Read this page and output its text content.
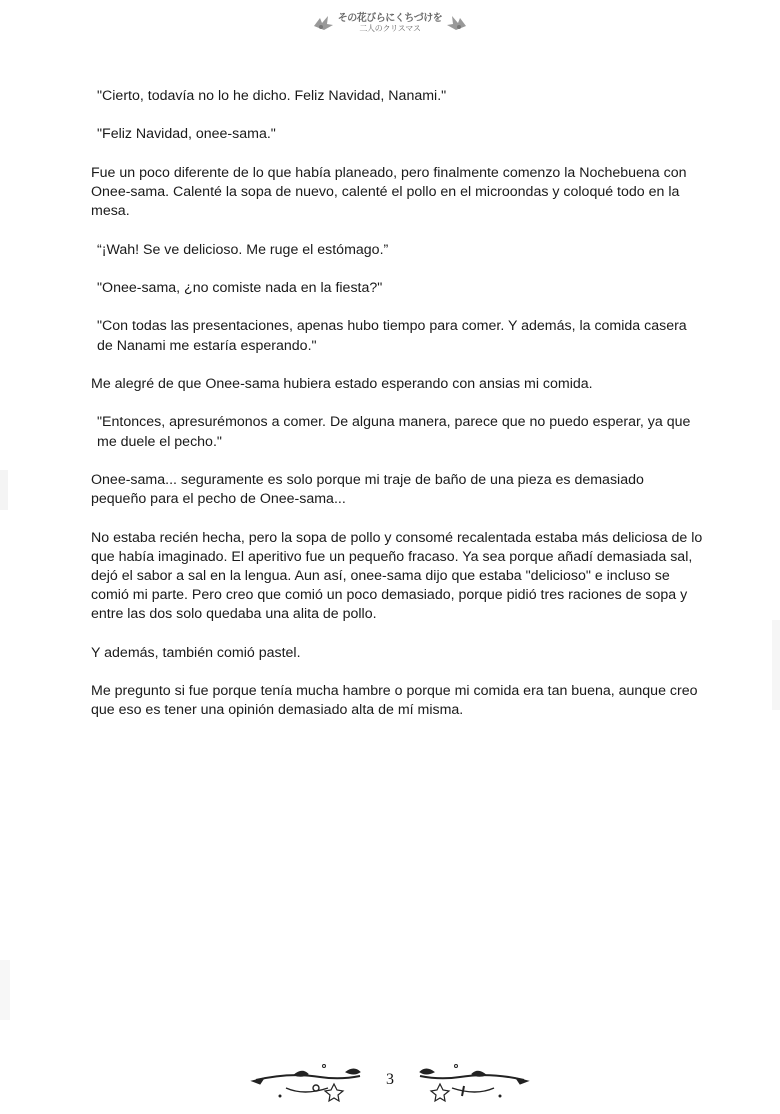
その花びらにくちづけを
二人のクリスマス

"Cierto, todavía no lo he dicho. Feliz Navidad, Nanami."

"Feliz Navidad, onee-sama."

Fue un poco diferente de lo que había planeado, pero finalmente comenzo la Nochebuena con Onee-sama. Calenté la sopa de nuevo, calenté el pollo en el microondas y coloqué todo en la mesa.

“¡Wah! Se ve delicioso. Me ruge el estómago.”

"Onee-sama, ¿no comiste nada en la fiesta?"

"Con todas las presentaciones, apenas hubo tiempo para comer. Y además, la comida casera de Nanami me estaría esperando."

Me alegré de que Onee-sama hubiera estado esperando con ansias mi comida.

"Entonces, apresurémonos a comer. De alguna manera, parece que no puedo esperar, ya que me duele el pecho."

Onee-sama... seguramente es solo porque mi traje de baño de una pieza es demasiado pequeño para el pecho de Onee-sama...

No estaba recién hecha, pero la sopa de pollo y consomé recalentada estaba más deliciosa de lo que había imaginado. El aperitivo fue un pequeño fracaso. Ya sea porque añadí demasiada sal, dejó el sabor a sal en la lengua. Aun así, onee-sama dijo que estaba "delicioso" e incluso se comió mi parte. Pero creo que comió un poco demasiado, porque pidió tres raciones de sopa y entre las dos solo quedaba una alita de pollo.

Y además, también comió pastel.

Me pregunto si fue porque tenía mucha hambre o porque mi comida era tan buena, aunque creo que eso es tener una opinión demasiado alta de mí misma.

3
